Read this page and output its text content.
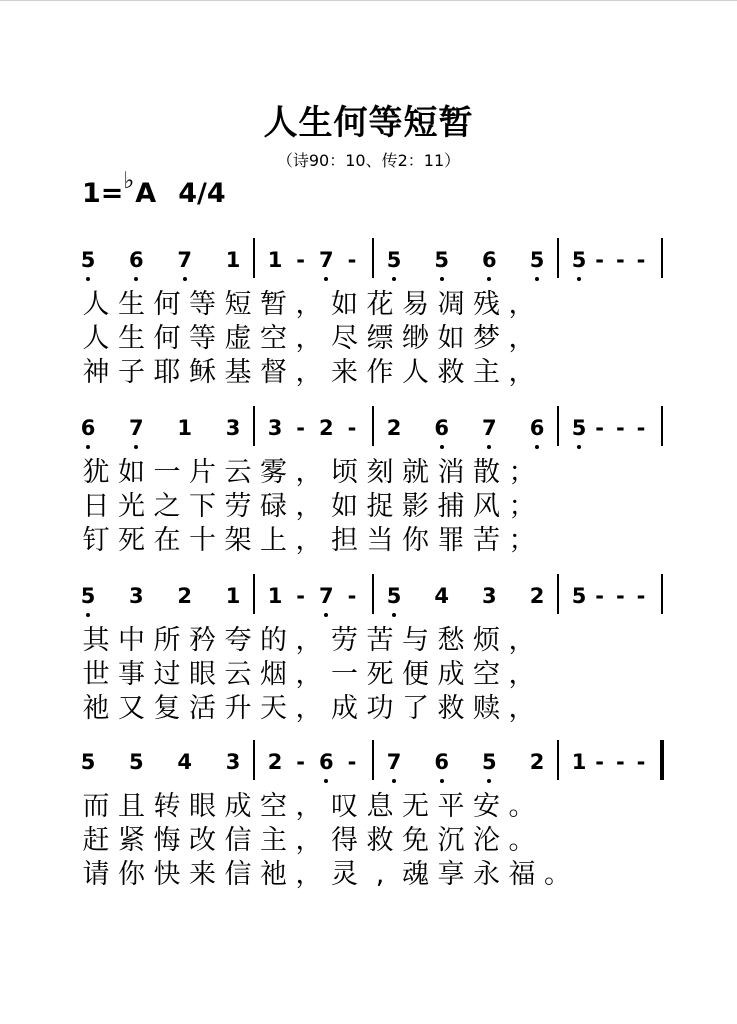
人生何等短暂
（诗90：10、传2：11）
1=♭A 4/4
5 6 7 1 1 - 7 -	5 5 6 5 5 - - -
人 生 何 等 短 暂 ， 如 花 易 凋 残 ，
人 生 何 等 虚 空 ， 尽 缥 缈 如 梦 ，
神 子 耶 稣 基 督 ， 来 作 人 救 主 ，
6 7 1 3 3 - 2 -	2 6 7 6 5 - - -
犹 如 一 片 云 雾 ， 顷 刻 就 消 散 ；
日 光 之 下 劳 碌 ， 如 捉 影 捕 风 ；
钉 死 在 十 架 上 ， 担 当 你 罪 苦 ；
5 3 2 1 1 - 7 -	5 4 3 2 5 - - -
其 中 所 矜 夸 的 ， 劳 苦 与 愁 烦 ，
世 事 过 眼 云 烟 ， 一 死 便 成 空 ，
祂 又 复 活 升 天 ， 成 功 了 救 赎 ，
5 5 4 3 2 - 6 -	7 6 5 2 1 - - -
而 且 转 眼 成 空 ， 叹 息 无 平 安 。
赶 紧 悔 改 信 主 ， 得 救 免 沉 沦 。
请 你 快 来 信 祂 ， 灵 , 魂 享 永 福 。
